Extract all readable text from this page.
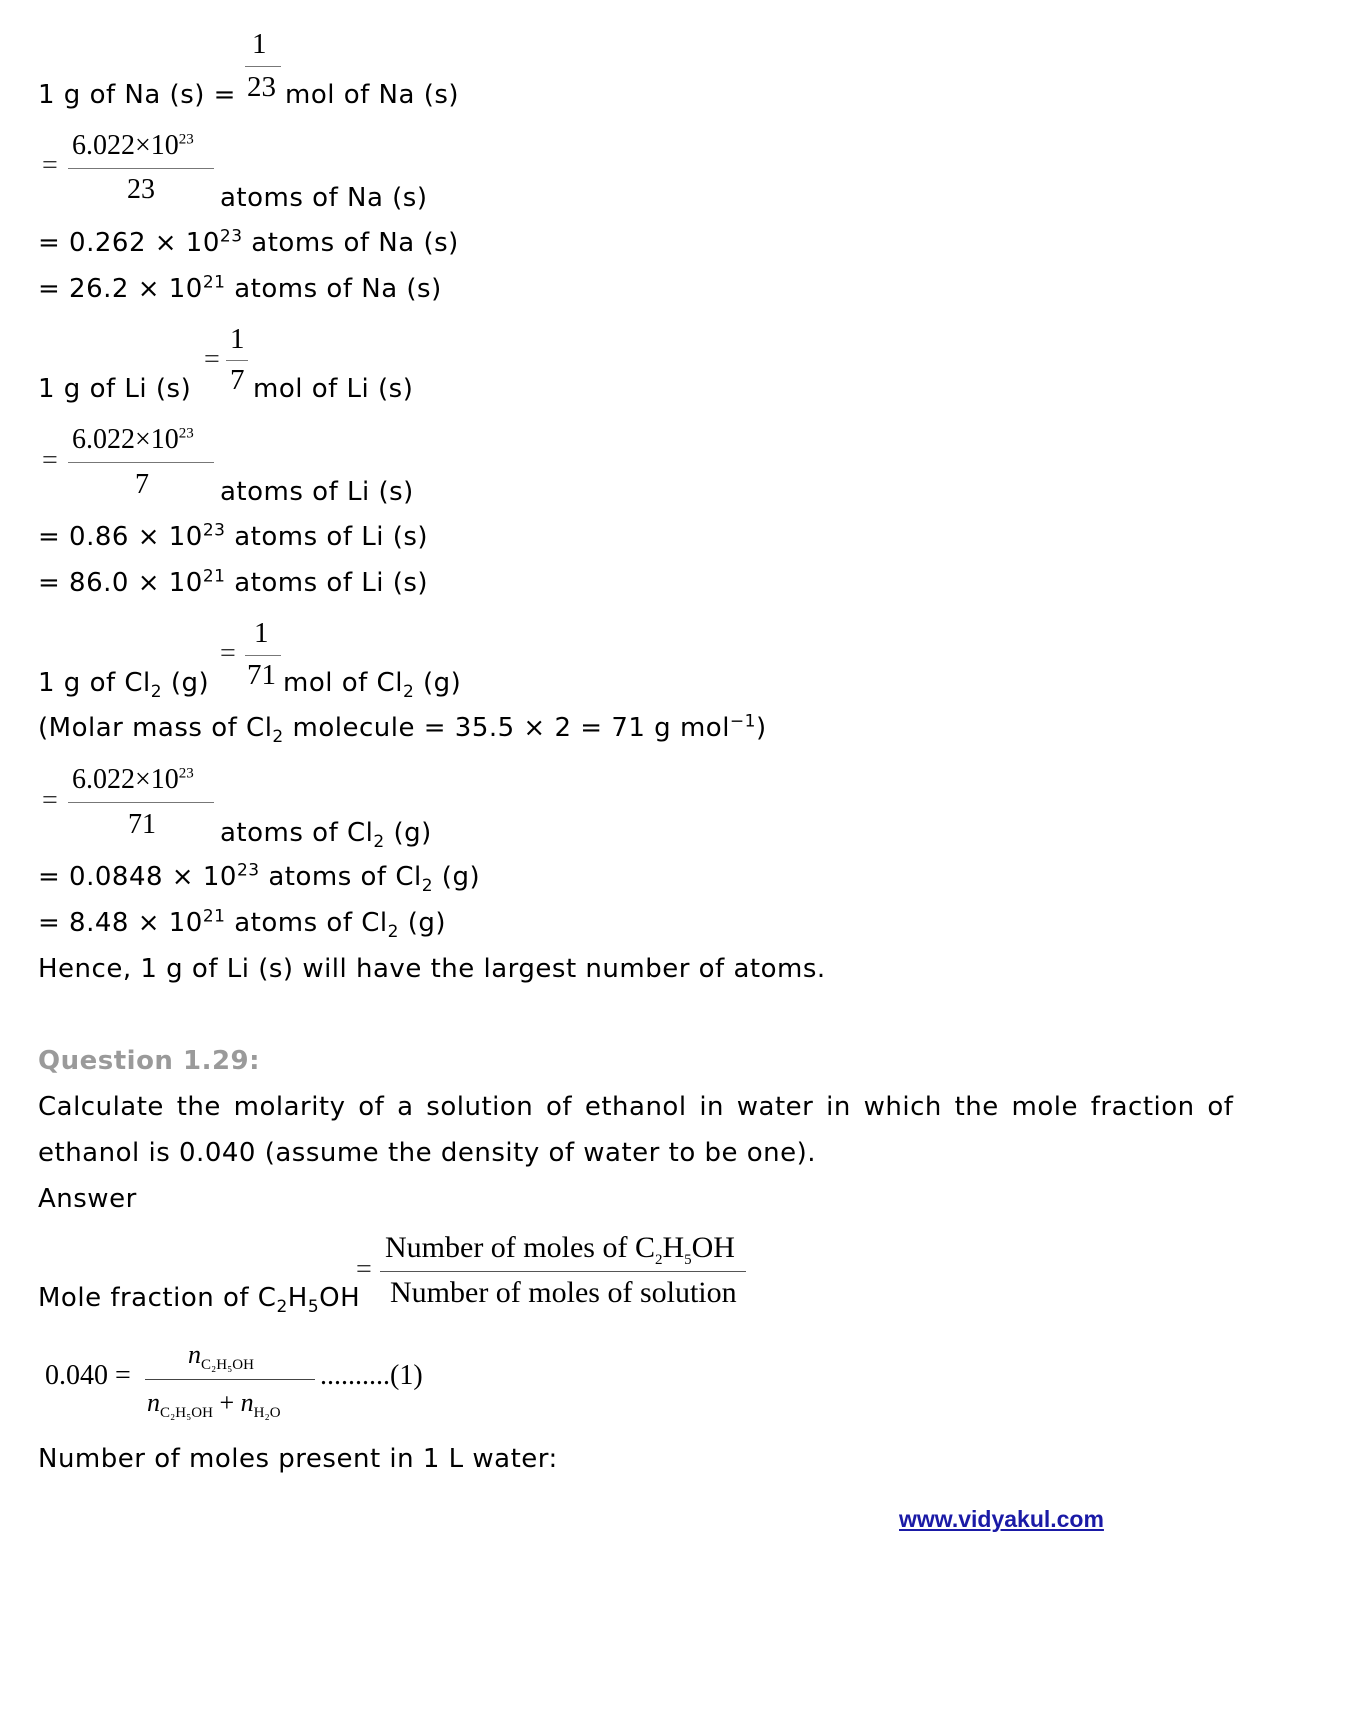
1
23
1 g of Na (s) = mol of Na (s)
=
$6.022\times 10^{23}$
23	atoms of Na (s)
= $0.262 \times 10^{23}$ atoms of Na (s)
= $26.2 \times 10^{21}$ atoms of Na (s)
=
1
7
1 g of Li (s) mol of Li (s)
=
$6.022\times 10^{23}$
7	atoms of Li (s)
= $0.86 \times 10^{23}$ atoms of Li (s)
= $86.0 \times 10^{21}$ atoms of Li (s)
=
1
71
1 g of $Cl_2$ (g)	mol of $Cl_2$ (g)
(Molar mass of $Cl_2$ molecule = 35.5 × 2 = 71 g mol$^{-1}$)
=
$6.022\times 10^{23}$
71 atoms of $Cl_2$ (g)
= $0.0848 \times 10^{23}$ atoms of $Cl_2$ (g)
= $8.48 \times 10^{21}$ atoms of $Cl_2$ (g)
Hence, 1 g of Li (s) will have the largest number of atoms.
Question 1.29:
Calculate the molarity of a solution of ethanol in water in which the mole fraction of
ethanol is 0.040 (assume the density of water to be one).
Answer
Mole fraction of $C_2H_5OH$
=
Number of moles of $C_2H_5OH$
Number of moles of solution
0.040 =
$n_{C_2H_5OH}$
$n_{C_2H_5OH} + n_{H_2O}$
..........(1)
Number of moles present in 1 L water:
www.vidyakul.com
